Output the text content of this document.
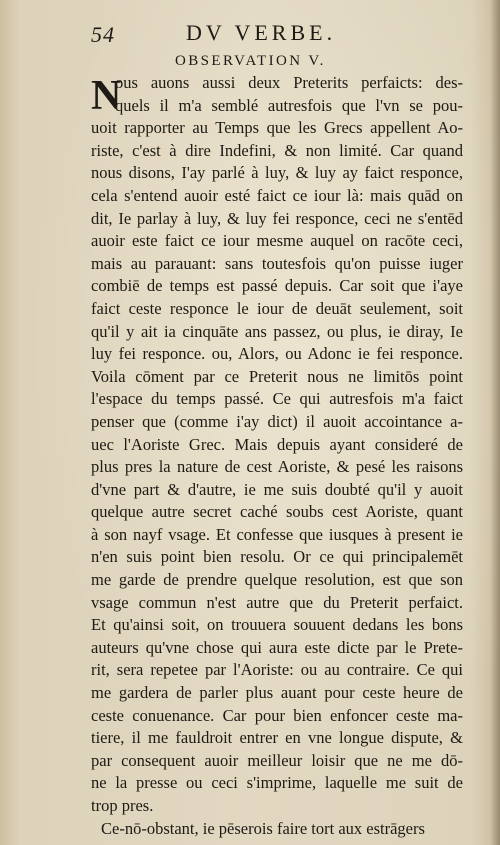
54	DV VERBE.
OBSERVATION V.
N
ous auons aussi deux Preterits perfaicts: des-
quels il m'a semblé autresfois que l'vn se pou-
uoit rapporter au Temps que les Grecs appellent Ao-
riste, c'est à dire Indefini, & non limité. Car quand
nous disons, I'ay parlé à luy, & luy ay faict responce,
cela s'entend auoir esté faict ce iour là: mais quād on
dit, Ie parlay à luy, & luy fei responce, ceci ne s'entēd
auoir este faict ce iour mesme auquel on racōte ceci,
mais au parauant: sans toutesfois qu'on puisse iuger
combiē de temps est passé depuis. Car soit que i'aye
faict ceste responce le iour de deuāt seulement, soit
qu'il y ait ia cinquāte ans passez, ou plus, ie diray, Ie
luy fei responce. ou, Alors, ou Adonc ie fei responce.
Voila cōment par ce Preterit nous ne limitōs point
l'espace du temps passé. Ce qui autresfois m'a faict
penser que (comme i'ay dict) il auoit accointance a-
uec l'Aoriste Grec. Mais depuis ayant consideré de
plus pres la nature de cest Aoriste, & pesé les raisons
d'vne part & d'autre, ie me suis doubté qu'il y auoit
quelque autre secret caché soubs cest Aoriste, quant
à son nayf vsage. Et confesse que iusques à present ie
n'en suis point bien resolu. Or ce qui principalemēt
me garde de prendre quelque resolution, est que son
vsage commun n'est autre que du Preterit perfaict.
Et qu'ainsi soit, on trouuera souuent dedans les bons
auteurs qu'vne chose qui aura este dicte par le Prete-
rit, sera repetee par l'Aoriste: ou au contraire. Ce qui
me gardera de parler plus auant pour ceste heure de
ceste conuenance. Car pour bien enfoncer ceste ma-
tiere, il me fauldroit entrer en vne longue dispute, &
par consequent auoir meilleur loisir que ne me dō-
ne la presse ou ceci s'imprime, laquelle me suit de
trop pres.
Ce-nō-obstant, ie pēserois faire tort aux estrāgers
